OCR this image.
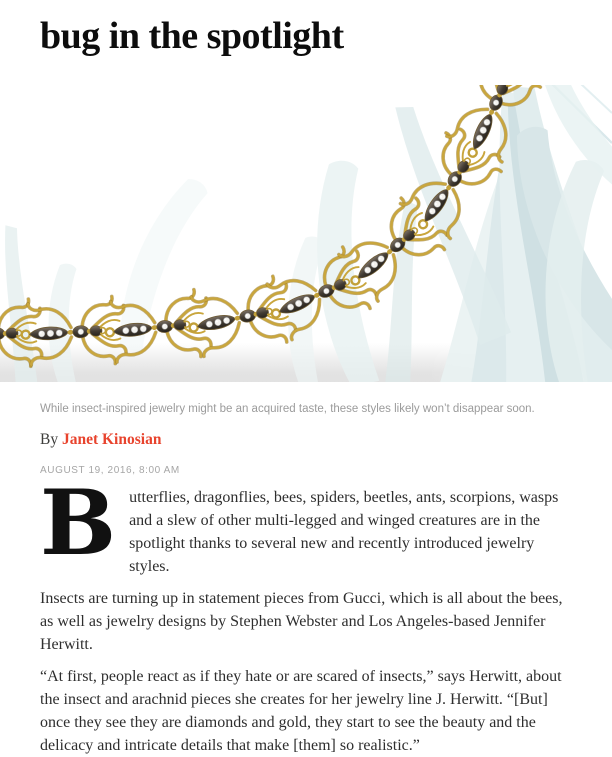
bug in the spotlight

While insect-inspired jewelry might be an acquired taste, these styles likely won’t disappear soon.

By Janet Kinosian

AUGUST 19, 2016, 8:00 AM

Butterflies, dragonflies, bees, spiders, beetles, ants, scorpions, wasps and a slew of other multi-legged and winged creatures are in the spotlight thanks to several new and recently introduced jewelry styles.

Insects are turning up in statement pieces from Gucci, which is all about the bees, as well as jewelry designs by Stephen Webster and Los Angeles-based Jennifer Herwitt.

“At first, people react as if they hate or are scared of insects,” says Herwitt, about the insect and arachnid pieces she creates for her jewelry line J. Herwitt. “[But] once they see they are diamonds and gold, they start to see the beauty and the delicacy and intricate details that make [them] so realistic.”
